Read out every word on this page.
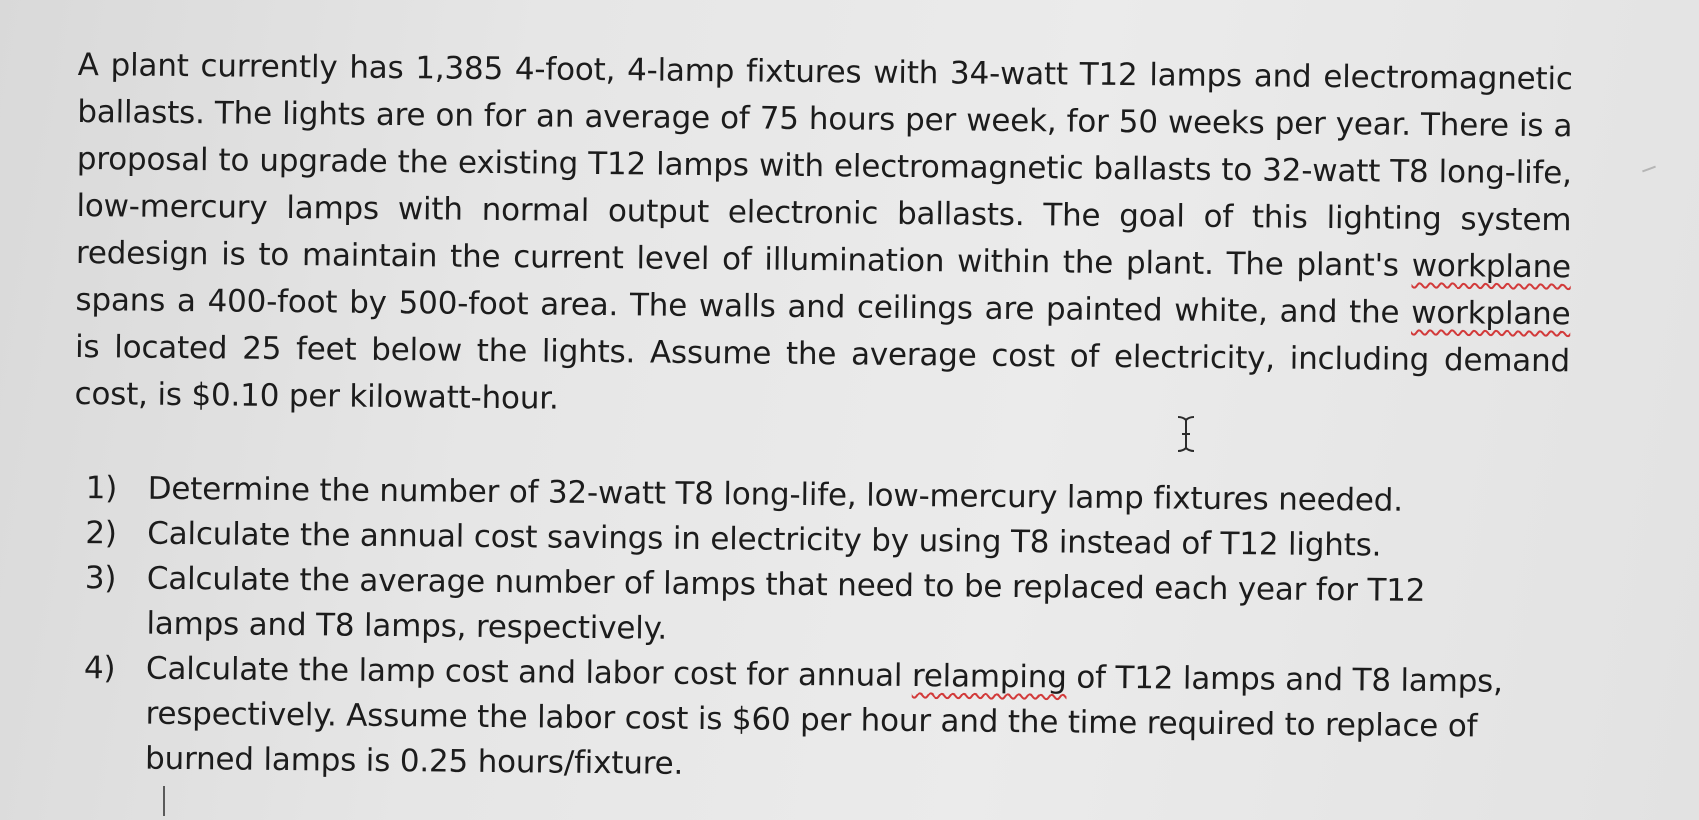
A plant currently has 1,385 4-foot, 4-lamp fixtures with 34-watt T12 lamps and electromagnetic ballasts. The lights are on for an average of 75 hours per week, for 50 weeks per year. There is a proposal to upgrade the existing T12 lamps with electromagnetic ballasts to 32-watt T8 long-life, low-mercury lamps with normal output electronic ballasts. The goal of this lighting system redesign is to maintain the current level of illumination within the plant. The plant's workplane spans a 400-foot by 500-foot area. The walls and ceilings are painted white, and the workplane is located 25 feet below the lights. Assume the average cost of electricity, including demand cost, is $0.10 per kilowatt-hour.

1) Determine the number of 32-watt T8 long-life, low-mercury lamp fixtures needed.
2) Calculate the annual cost savings in electricity by using T8 instead of T12 lights.
3) Calculate the average number of lamps that need to be replaced each year for T12 lamps and T8 lamps, respectively.
4) Calculate the lamp cost and labor cost for annual relamping of T12 lamps and T8 lamps, respectively. Assume the labor cost is $60 per hour and the time required to replace of burned lamps is 0.25 hours/fixture.
